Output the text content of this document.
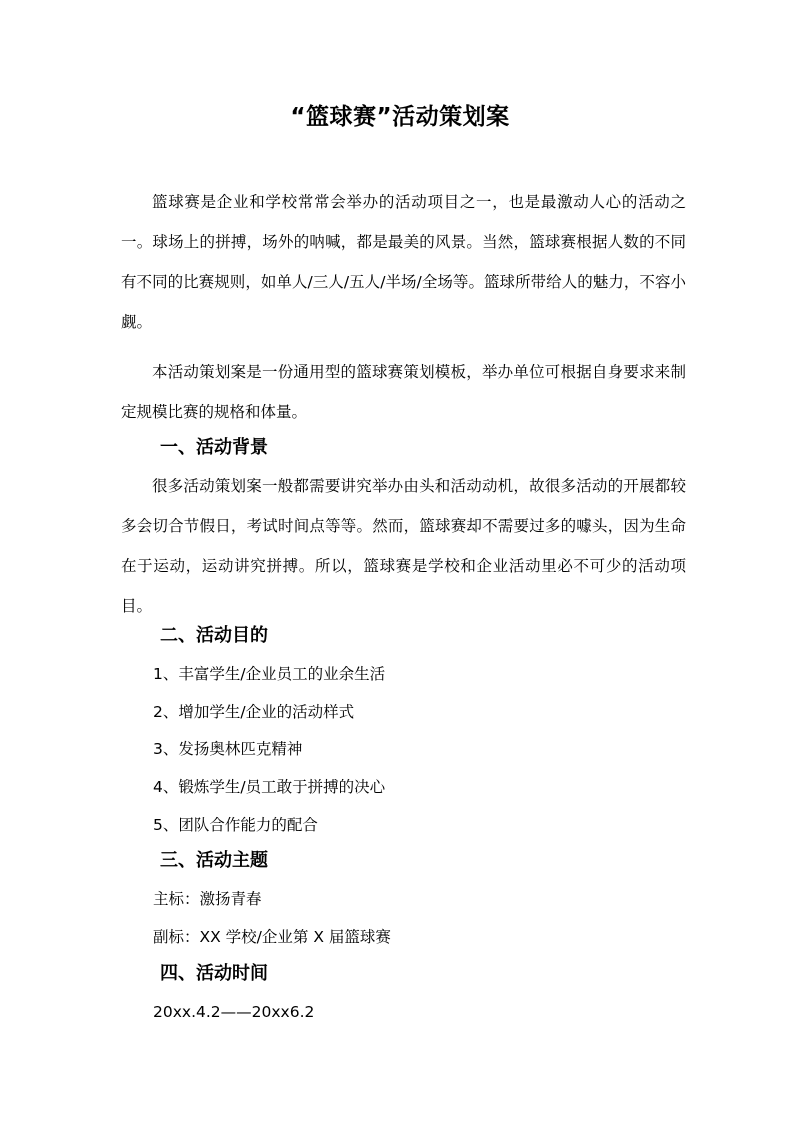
“篮球赛”活动策划案

篮球赛是企业和学校常常会举办的活动项目之一，也是最激动人心的活动之一。球场上的拼搏，场外的呐喊，都是最美的风景。当然，篮球赛根据人数的不同有不同的比赛规则，如单人/三人/五人/半场/全场等。篮球所带给人的魅力，不容小觑。

本活动策划案是一份通用型的篮球赛策划模板，举办单位可根据自身要求来制定规模比赛的规格和体量。

一、活动背景

很多活动策划案一般都需要讲究举办由头和活动动机，故很多活动的开展都较多会切合节假日，考试时间点等等。然而，篮球赛却不需要过多的噱头，因为生命在于运动，运动讲究拼搏。所以，篮球赛是学校和企业活动里必不可少的活动项目。

二、活动目的

1、丰富学生/企业员工的业余生活

2、增加学生/企业的活动样式

3、发扬奥林匹克精神

4、锻炼学生/员工敢于拼搏的决心

5、团队合作能力的配合

三、活动主题

主标：激扬青春

副标：XX 学校/企业第 X 届篮球赛

四、活动时间

20xx.4.2——20xx6.2
